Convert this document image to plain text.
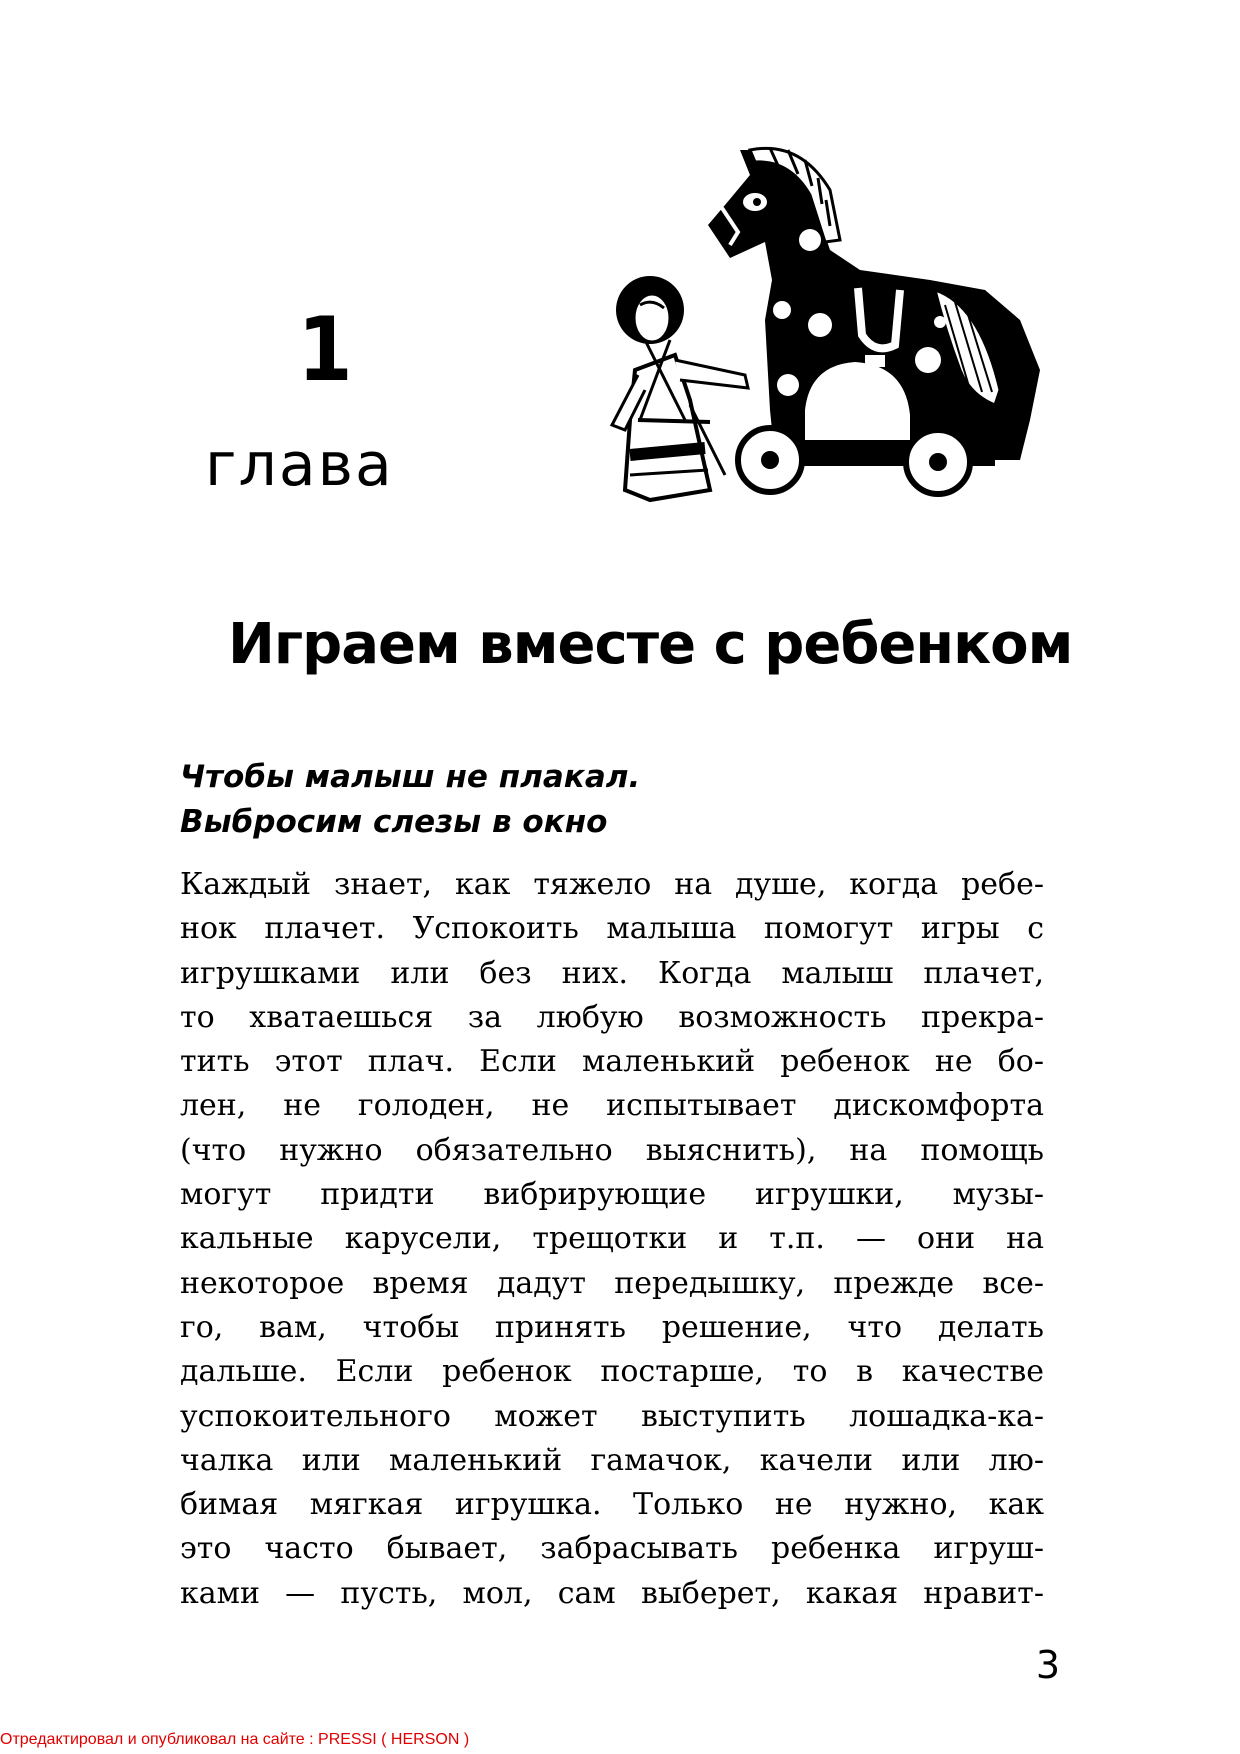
1
глава
Играем вместе с ребенком
Чтобы малыш не плакал.
Выбросим слезы в окно
Каждый знает, как тяжело на душе, когда ребе-
нок плачет. Успокоить малыша помогут игры с
игрушками или без них. Когда малыш плачет,
то хватаешься за любую возможность прекра-
тить этот плач. Если маленький ребенок не бо-
лен, не голоден, не испытывает дискомфорта
(что нужно обязательно выяснить), на помощь
могут придти вибрирующие игрушки, музы-
кальные карусели, трещотки и т.п. — они на
некоторое время дадут передышку, прежде все-
го, вам, чтобы принять решение, что делать
дальше. Если ребенок постарше, то в качестве
успокоительного может выступить лошадка-ка-
чалка или маленький гамачок, качели или лю-
бимая мягкая игрушка. Только не нужно, как
это часто бывает, забрасывать ребенка игруш-
ками — пусть, мол, сам выберет, какая нравит-
3
Отредактировал и опубликовал на сайте : PRESSI ( HERSON )
